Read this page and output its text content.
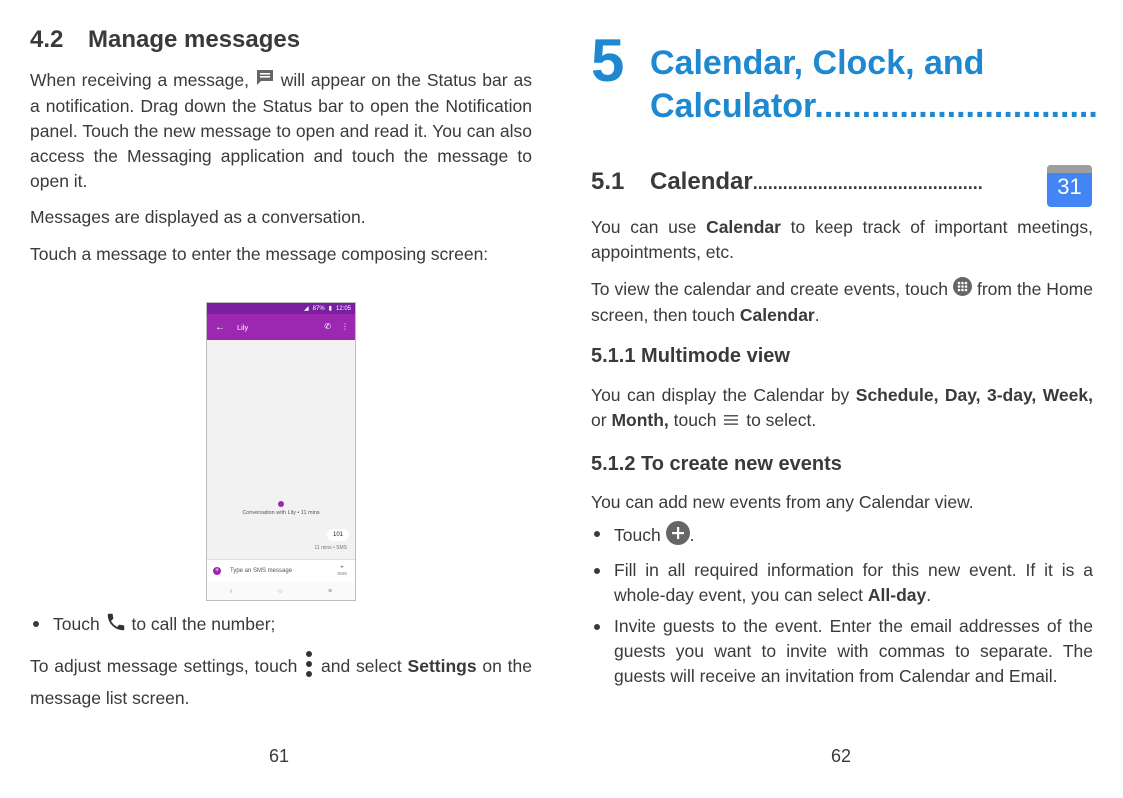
4.2 Manage messages

When receiving a message, will appear on the Status bar as a notification. Drag down the Status bar to open the Notification panel. Touch the new message to open and read it. You can also access the Messaging application and touch the message to open it.

Messages are displayed as a conversation.

Touch a message to enter the message composing screen:

◢ 87% ▮ 12:05
← Lily	✆ ⋮
Conversation with Lily • 11 mins
101
11 mins • SMS
+	Type an SMS message
➤
SMS
‹	○	≡
Touch to call the number;

To adjust message settings, touch and select Settings on the message list screen.

61
5 Calendar, Clock, and
Calculator..............................
5.1 Calendar..............................................	31

You can use Calendar to keep track of important meetings, appointments, etc.

To view the calendar and create events, touch from the Home screen, then touch Calendar.

5.1.1 Multimode view

You can display the Calendar by Schedule, Day, 3-day, Week, or Month, touch to select.

5.1.2 To create new events

You can add new events from any Calendar view.

Touch .
Fill in all required information for this new event. If it is a whole-day event, you can select All-day.
Invite guests to the event. Enter the email addresses of the guests you want to invite with commas to separate. The guests will receive an invitation from Calendar and Email.
62
